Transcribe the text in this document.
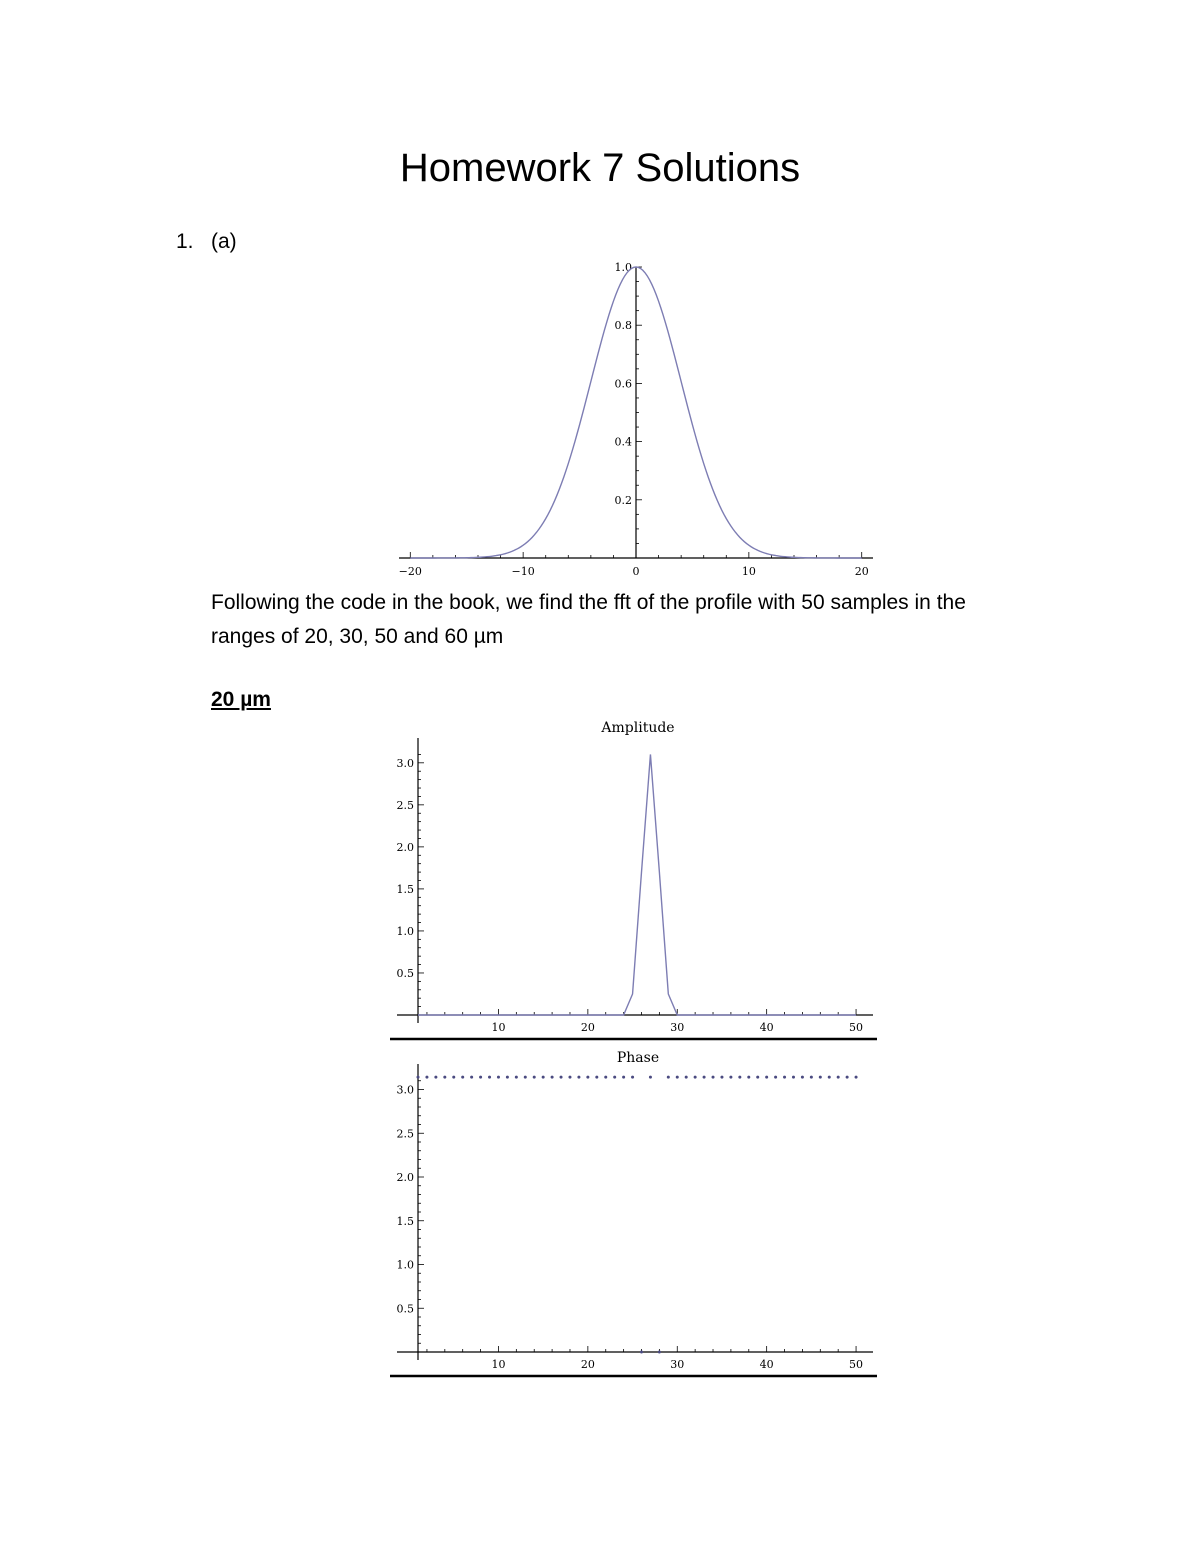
Homework 7 Solutions
1. (a)
−20	−10	0	10	20
0.2
0.4
0.6
0.8
1.0
Following the code in the book, we find the fft of the profile with 50 samples in the ranges of 20, 30, 50 and 60 µm
20 µm
Amplitude
10	20	30	40	50
0.5
1.0
1.5
2.0
2.5
3.0
Phase
10	20	30	40	50
0.5
1.0
1.5
2.0
2.5
3.0
